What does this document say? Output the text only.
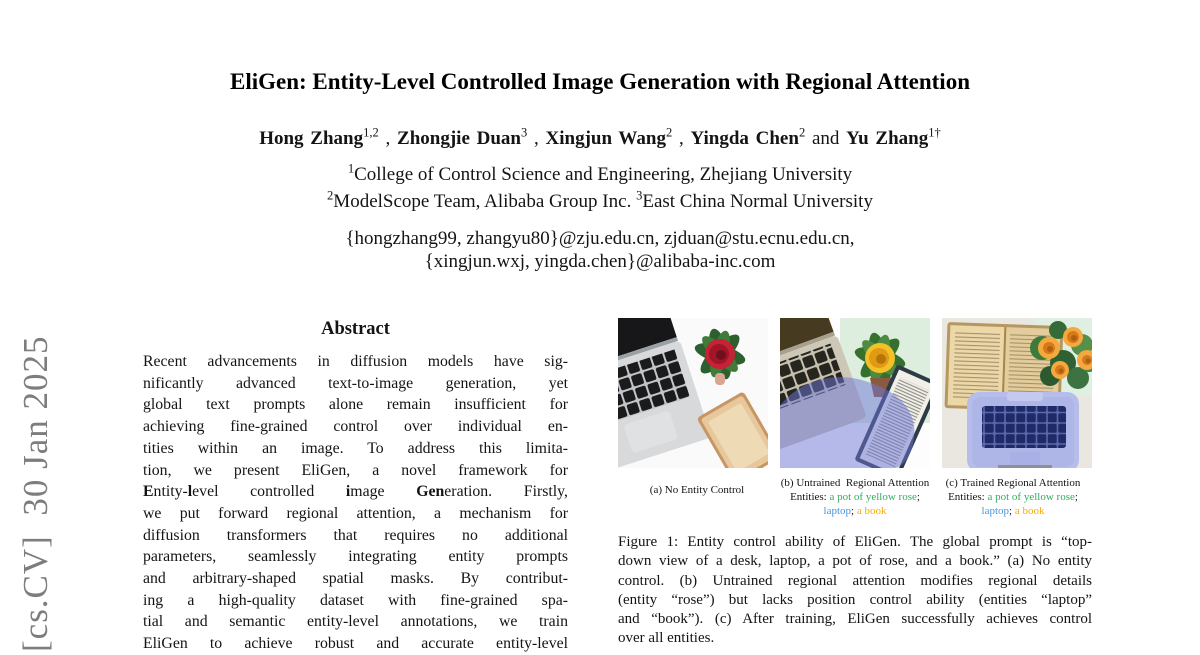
[cs.CV]  30 Jan 2025
EliGen: Entity-Level Controlled Image Generation with Regional Attention
Hong Zhang$^{1,2}$ , Zhongjie Duan$^3$ , Xingjun Wang$^2$ , Yingda Chen$^2$ and Yu Zhang$^{1\dagger}$
$^1$College of Control Science and Engineering, Zhejiang University
$^2$ModelScope Team, Alibaba Group Inc. $^3$East China Normal University
{hongzhang99, zhangyu80}@zju.edu.cn, zjduan@stu.ecnu.edu.cn,
{xingjun.wxj, yingda.chen}@alibaba-inc.com
Abstract
Recent advancements in diffusion models have sig-
nificantly advanced text-to-image generation, yet
global text prompts alone remain insufficient for
achieving fine-grained control over individual en-
tities within an image. To address this limita-
tion, we present EliGen, a novel framework for
Entity-level controlled image Generation. Firstly,
we put forward regional attention, a mechanism for
diffusion transformers that requires no additional
parameters, seamlessly integrating entity prompts
and arbitrary-shaped spatial masks. By contribut-
ing a high-quality dataset with fine-grained spa-
tial and semantic entity-level annotations, we train
EliGen to achieve robust and accurate entity-level
(a) No Entity Control
(b) Untrained  Regional Attention
Entities: a pot of yellow rose;
laptop; a book
(c) Trained Regional Attention
Entities: a pot of yellow rose;
laptop; a book
Figure 1: Entity control ability of EliGen. The global prompt is “top-
down view of a desk, laptop, a pot of rose, and a book.” (a) No entity
control. (b) Untrained regional attention modifies regional details
(entity “rose”) but lacks position control ability (entities “laptop”
and “book”). (c) After training, EliGen successfully achieves control
over all entities.
